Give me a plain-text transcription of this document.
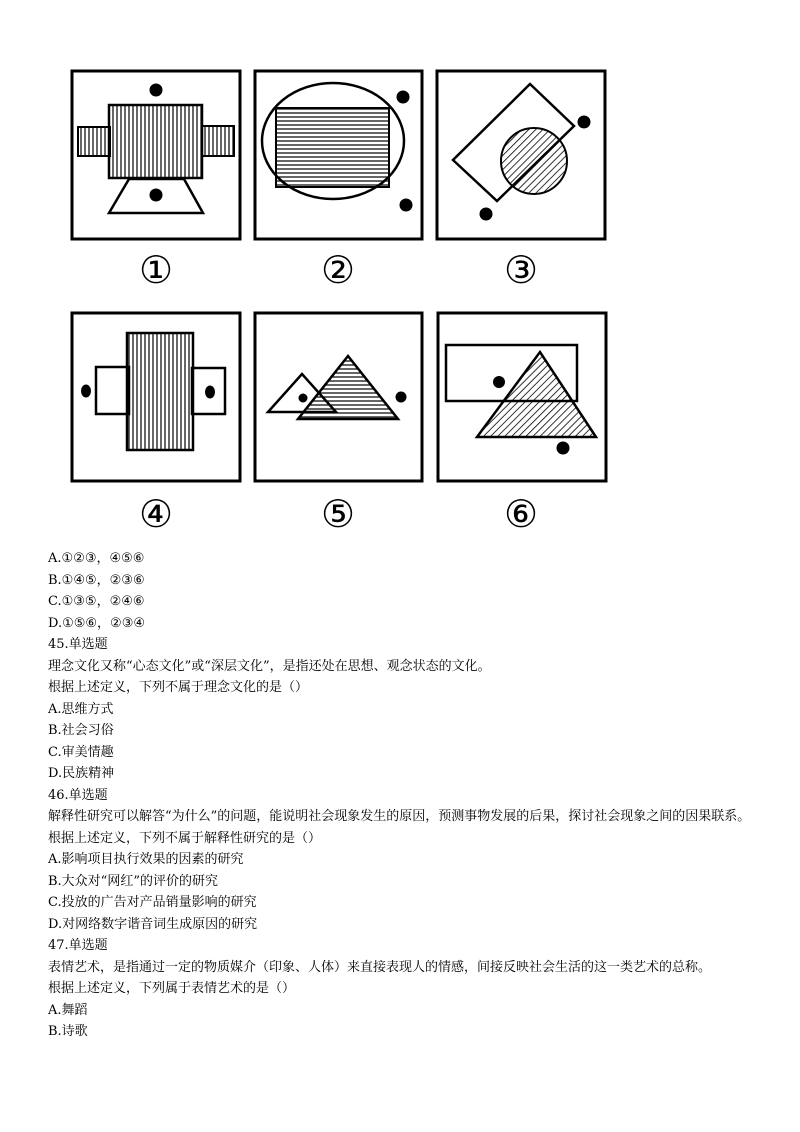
①	②	③
④	⑤	⑥
A.①②③，④⑤⑥
B.①④⑤，②③⑥
C.①③⑤，②④⑥
D.①⑤⑥，②③④
45.单选题
理念文化又称“心态文化”或“深层文化”，是指还处在思想、观念状态的文化。
根据上述定义，下列不属于理念文化的是（）
A.思维方式
B.社会习俗
C.审美情趣
D.民族精神
46.单选题
解释性研究可以解答“为什么”的问题，能说明社会现象发生的原因，预测事物发展的后果，探讨社会现象之间的因果联系。
根据上述定义，下列不属于解释性研究的是（）
A.影响项目执行效果的因素的研究
B.大众对“网红”的评价的研究
C.投放的广告对产品销量影响的研究
D.对网络数字谐音词生成原因的研究
47.单选题
表情艺术，是指通过一定的物质媒介（印象、人体）来直接表现人的情感，间接反映社会生活的这一类艺术的总称。
根据上述定义，下列属于表情艺术的是（）
A.舞蹈
B.诗歌
